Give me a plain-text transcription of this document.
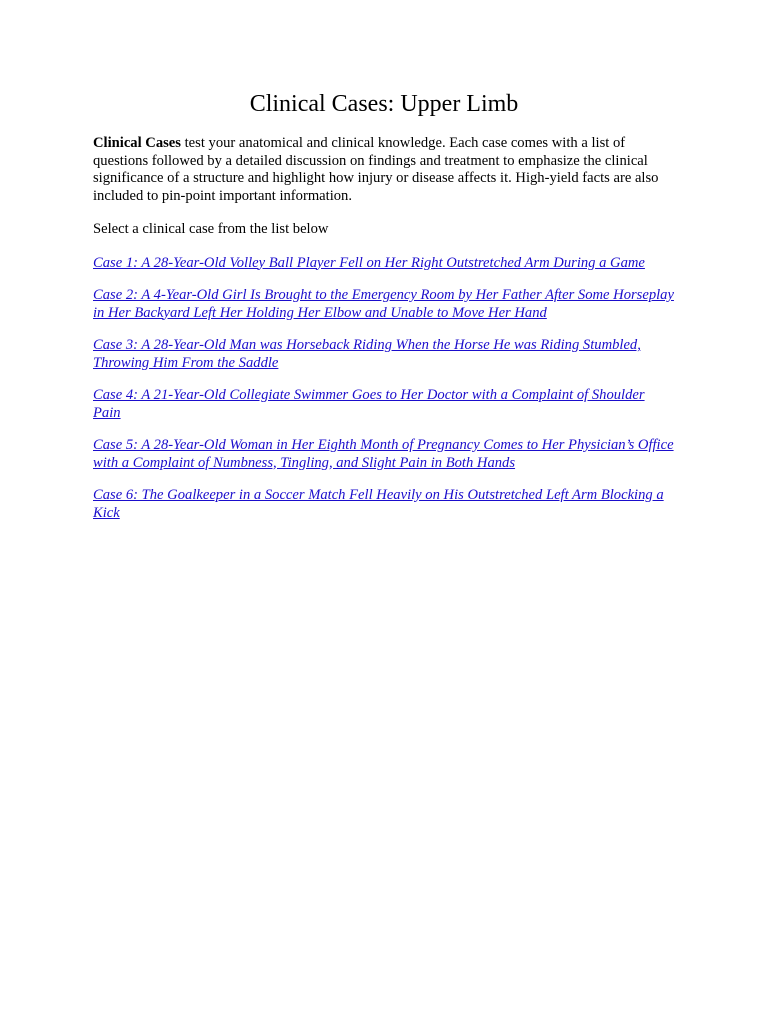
Clinical Cases: Upper Limb

Clinical Cases test your anatomical and clinical knowledge. Each case comes with a list of questions followed by a detailed discussion on findings and treatment to emphasize the clinical significance of a structure and highlight how injury or disease affects it. High-yield facts are also included to pin-point important information.

Select a clinical case from the list below

Case 1: A 28-Year-Old Volley Ball Player Fell on Her Right Outstretched Arm During a Game
Case 2: A 4-Year-Old Girl Is Brought to the Emergency Room by Her Father After Some Horseplay in Her Backyard Left Her Holding Her Elbow and Unable to Move Her Hand
Case 3: A 28-Year-Old Man was Horseback Riding When the Horse He was Riding Stumbled, Throwing Him From the Saddle
Case 4: A 21-Year-Old Collegiate Swimmer Goes to Her Doctor with a Complaint of Shoulder Pain
Case 5: A 28-Year-Old Woman in Her Eighth Month of Pregnancy Comes to Her Physician’s Office with a Complaint of Numbness, Tingling, and Slight Pain in Both Hands
Case 6: The Goalkeeper in a Soccer Match Fell Heavily on His Outstretched Left Arm Blocking a Kick
